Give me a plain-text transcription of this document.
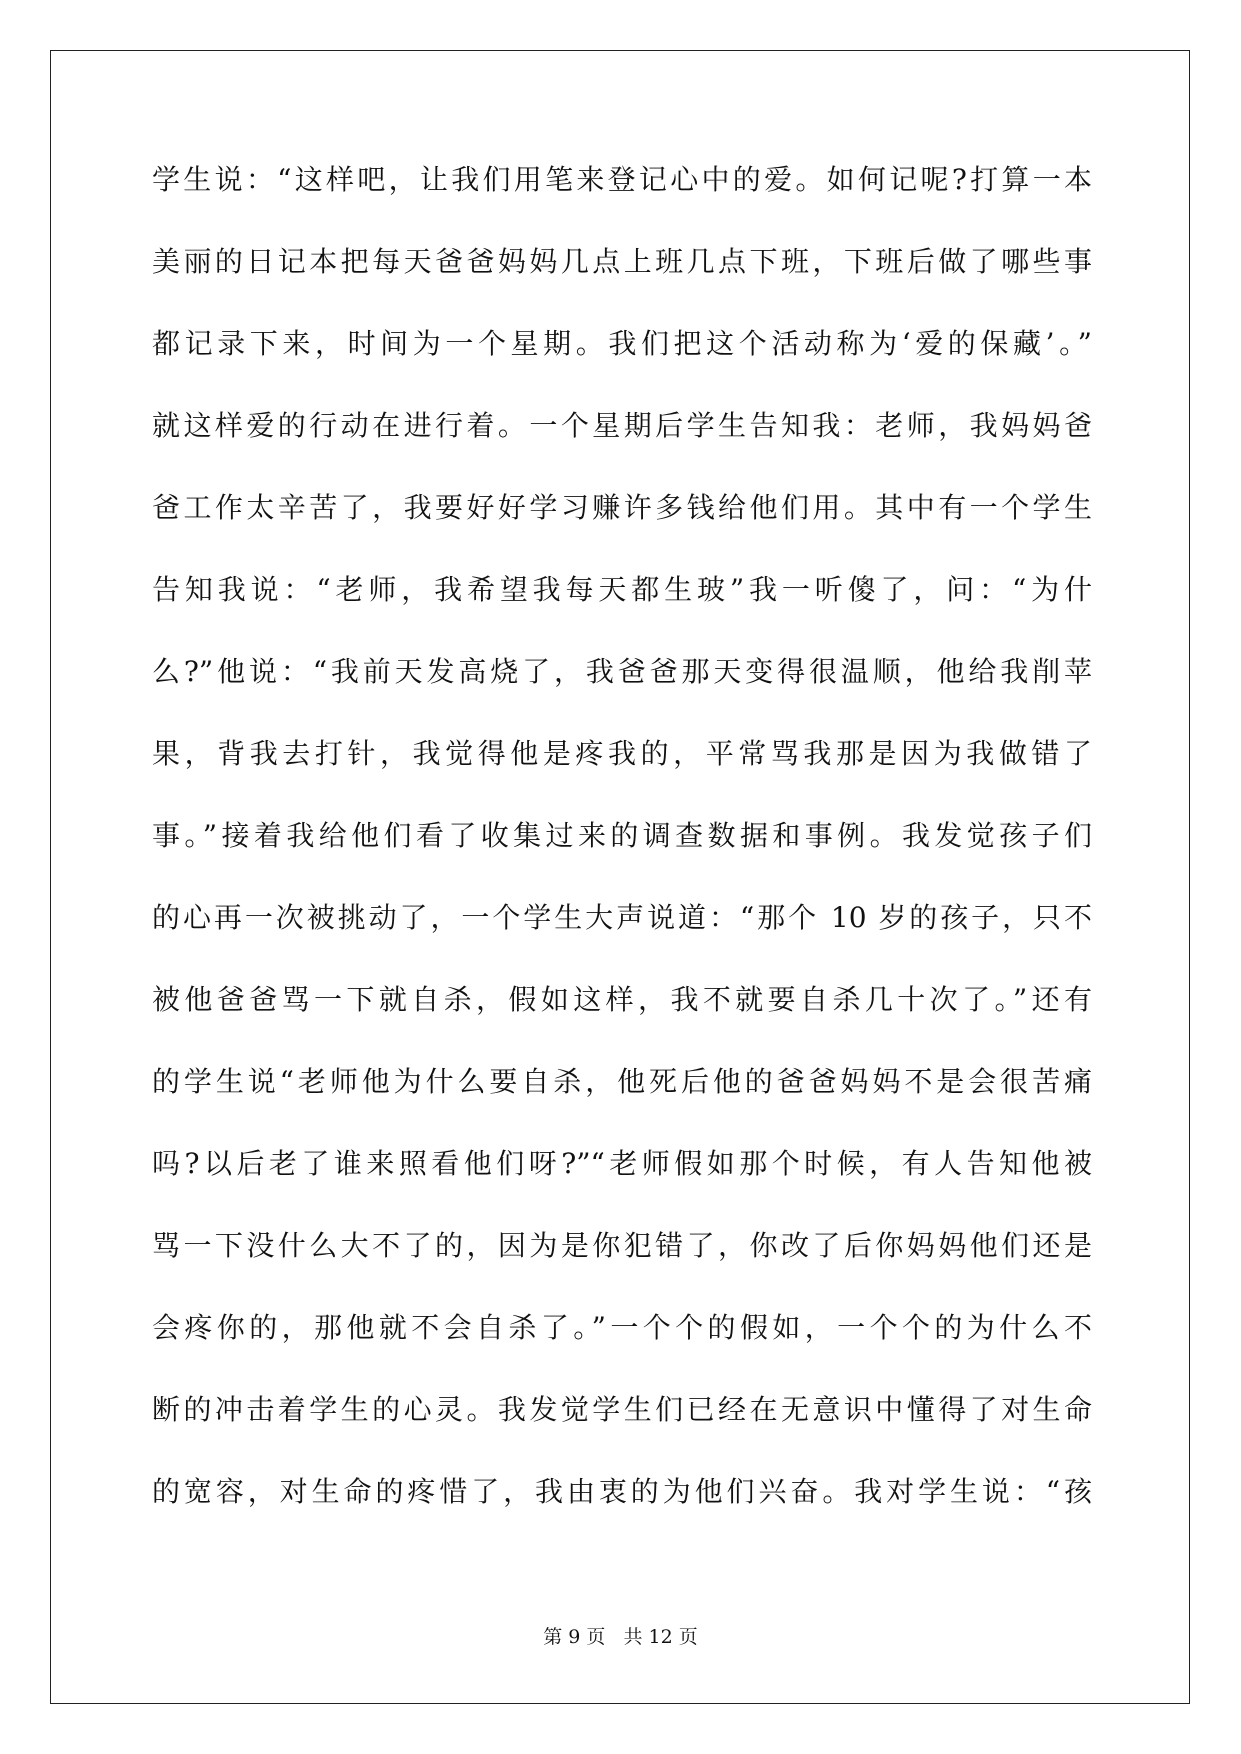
学生说：“这样吧，让我们用笔来登记心中的爱。如何记呢?打算一本
美丽的日记本把每天爸爸妈妈几点上班几点下班，下班后做了哪些事
都记录下来，时间为一个星期。我们把这个活动称为‘爱的保藏’。”
就这样爱的行动在进行着。一个星期后学生告知我：老师，我妈妈爸
爸工作太辛苦了，我要好好学习赚许多钱给他们用。其中有一个学生
告知我说：“老师，我希望我每天都生玻”我一听傻了，问：“为什
么?”他说：“我前天发高烧了，我爸爸那天变得很温顺，他给我削苹
果，背我去打针，我觉得他是疼我的，平常骂我那是因为我做错了
事。”接着我给他们看了收集过来的调查数据和事例。我发觉孩子们
的心再一次被挑动了，一个学生大声说道：“那个 10 岁的孩子，只不
被他爸爸骂一下就自杀，假如这样，我不就要自杀几十次了。”还有
的学生说“老师他为什么要自杀，他死后他的爸爸妈妈不是会很苦痛
吗?以后老了谁来照看他们呀?”“老师假如那个时候，有人告知他被
骂一下没什么大不了的，因为是你犯错了，你改了后你妈妈他们还是
会疼你的，那他就不会自杀了。”一个个的假如，一个个的为什么不
断的冲击着学生的心灵。我发觉学生们已经在无意识中懂得了对生命
的宽容，对生命的疼惜了，我由衷的为他们兴奋。我对学生说：“孩
第 9 页 共 12 页
